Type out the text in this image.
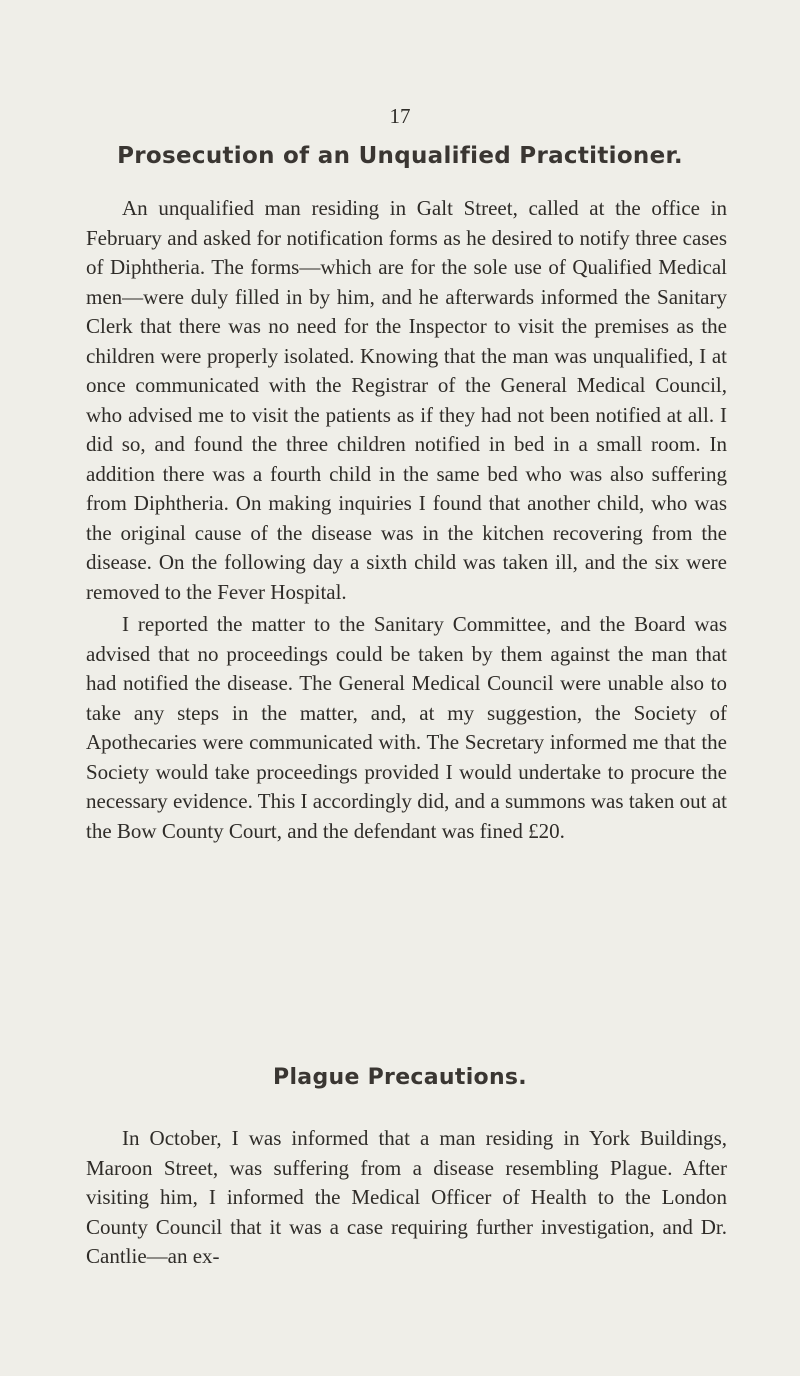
17
Prosecution of an Unqualified Practitioner.

An unqualified man residing in Galt Street, called at the office in February and asked for notification forms as he desired to notify three cases of Diphtheria. The forms—which are for the sole use of Qualified Medical men—were duly filled in by him, and he afterwards informed the Sanitary Clerk that there was no need for the Inspector to visit the premises as the children were properly isolated. Knowing that the man was unqualified, I at once communicated with the Registrar of the General Medical Council, who advised me to visit the patients as if they had not been notified at all. I did so, and found the three children notified in bed in a small room. In addition there was a fourth child in the same bed who was also suffering from Diphtheria. On making inquiries I found that another child, who was the original cause of the disease was in the kitchen recovering from the disease. On the following day a sixth child was taken ill, and the six were removed to the Fever Hospital.

I reported the matter to the Sanitary Committee, and the Board was advised that no proceedings could be taken by them against the man that had notified the disease. The General Medical Council were unable also to take any steps in the matter, and, at my suggestion, the Society of Apothecaries were communicated with. The Secretary informed me that the Society would take proceedings provided I would undertake to procure the necessary evidence. This I accordingly did, and a summons was taken out at the Bow County Court, and the defendant was fined £20.

Plague Precautions.

In October, I was informed that a man residing in York Buildings, Maroon Street, was suffering from a disease resembling Plague. After visiting him, I informed the Medical Officer of Health to the London County Council that it was a case requiring further investigation, and Dr. Cantlie—an ex-
